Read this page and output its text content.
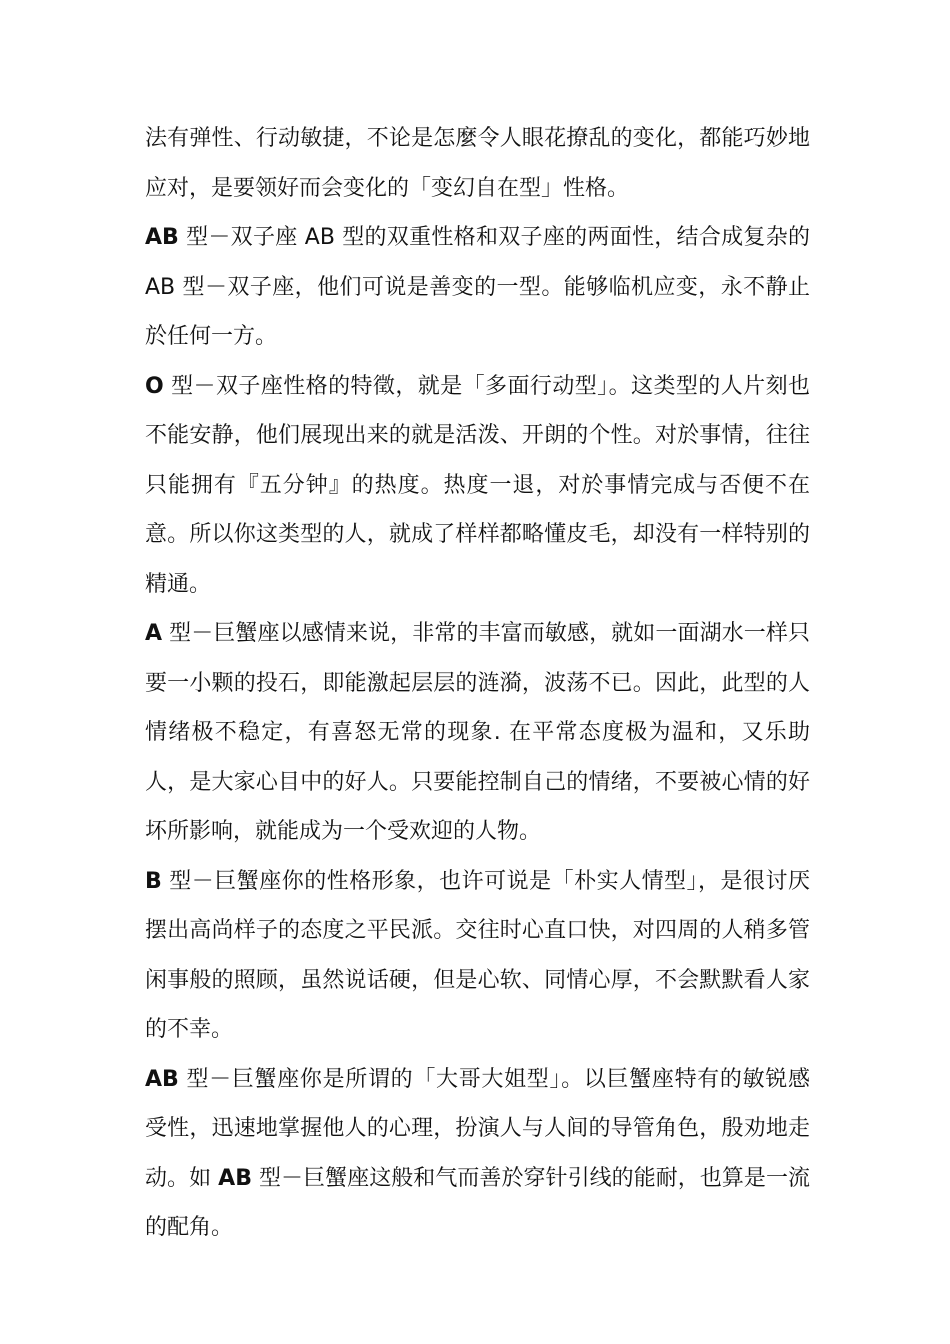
法有弹性、行动敏捷，不论是怎麼令人眼花撩乱的变化，都能巧妙地应对，是要领好而会变化的「变幻自在型」性格。

AB 型－双子座 AB 型的双重性格和双子座的两面性，结合成复杂的 AB 型－双子座，他们可说是善变的一型。能够临机应变，永不静止於任何一方。

O 型－双子座性格的特徵，就是「多面行动型」。这类型的人片刻也不能安静，他们展现出来的就是活泼、开朗的个性。对於事情，往往只能拥有『五分钟』的热度。热度一退，对於事情完成与否便不在意。所以你这类型的人，就成了样样都略懂皮毛，却没有一样特别的精通。

A 型－巨蟹座以感情来说，非常的丰富而敏感，就如一面湖水一样只要一小颗的投石，即能激起层层的涟漪，波荡不已。因此，此型的人情绪极不稳定，有喜怒无常的现象. 在平常态度极为温和，又乐助人，是大家心目中的好人。只要能控制自己的情绪，不要被心情的好坏所影响，就能成为一个受欢迎的人物。

B 型－巨蟹座你的性格形象，也许可说是「朴实人情型」，是很讨厌摆出高尚样子的态度之平民派。交往时心直口快，对四周的人稍多管闲事般的照顾，虽然说话硬，但是心软、同情心厚，不会默默看人家的不幸。

AB 型－巨蟹座你是所谓的「大哥大姐型」。以巨蟹座特有的敏锐感受性，迅速地掌握他人的心理，扮演人与人间的导管角色，殷劝地走动。如 AB 型－巨蟹座这般和气而善於穿针引线的能耐，也算是一流的配角。
